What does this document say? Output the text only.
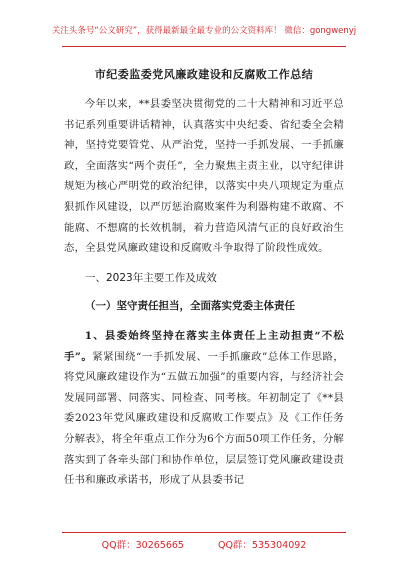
关注头条号“公文研究”，获得最新最全最专业的公文资料库！ 微信：gongwenyj
市纪委监委党风廉政建设和反腐败工作总结

今年以来，**县委坚决贯彻党的二十大精神和习近平总书记系列重要讲话精神，认真落实中央纪委、省纪委全会精神，坚持党要管党、从严治党，坚持一手抓发展、一手抓廉政，全面落实“两个责任”，全力聚焦主责主业，以守纪律讲规矩为核心严明党的政治纪律，以落实中央八项规定为重点狠抓作风建设，以严厉惩治腐败案件为利器构建不敢腐、不能腐、不想腐的长效机制，着力营造风清气正的良好政治生态，全县党风廉政建设和反腐败斗争取得了阶段性成效。

一、2023年主要工作及成效
（一）坚守责任担当，全面落实党委主体责任

1、县委始终坚持在落实主体责任上主动担责“不松手”。紧紧围绕“一手抓发展、一手抓廉政”总体工作思路，将党风廉政建设作为“五做五加强”的重要内容，与经济社会发展同部署、同落实、同检查、同考核。年初制定了《**县委2023年党风廉政建设和反腐败工作要点》及《工作任务分解表》，将全年重点工作分为6个方面50项工作任务，分解落实到了各牵头部门和协作单位，层层签订党风廉政建设责任书和廉政承诺书，形成了从县委书记

QQ群：30265665	QQ群：535304092
